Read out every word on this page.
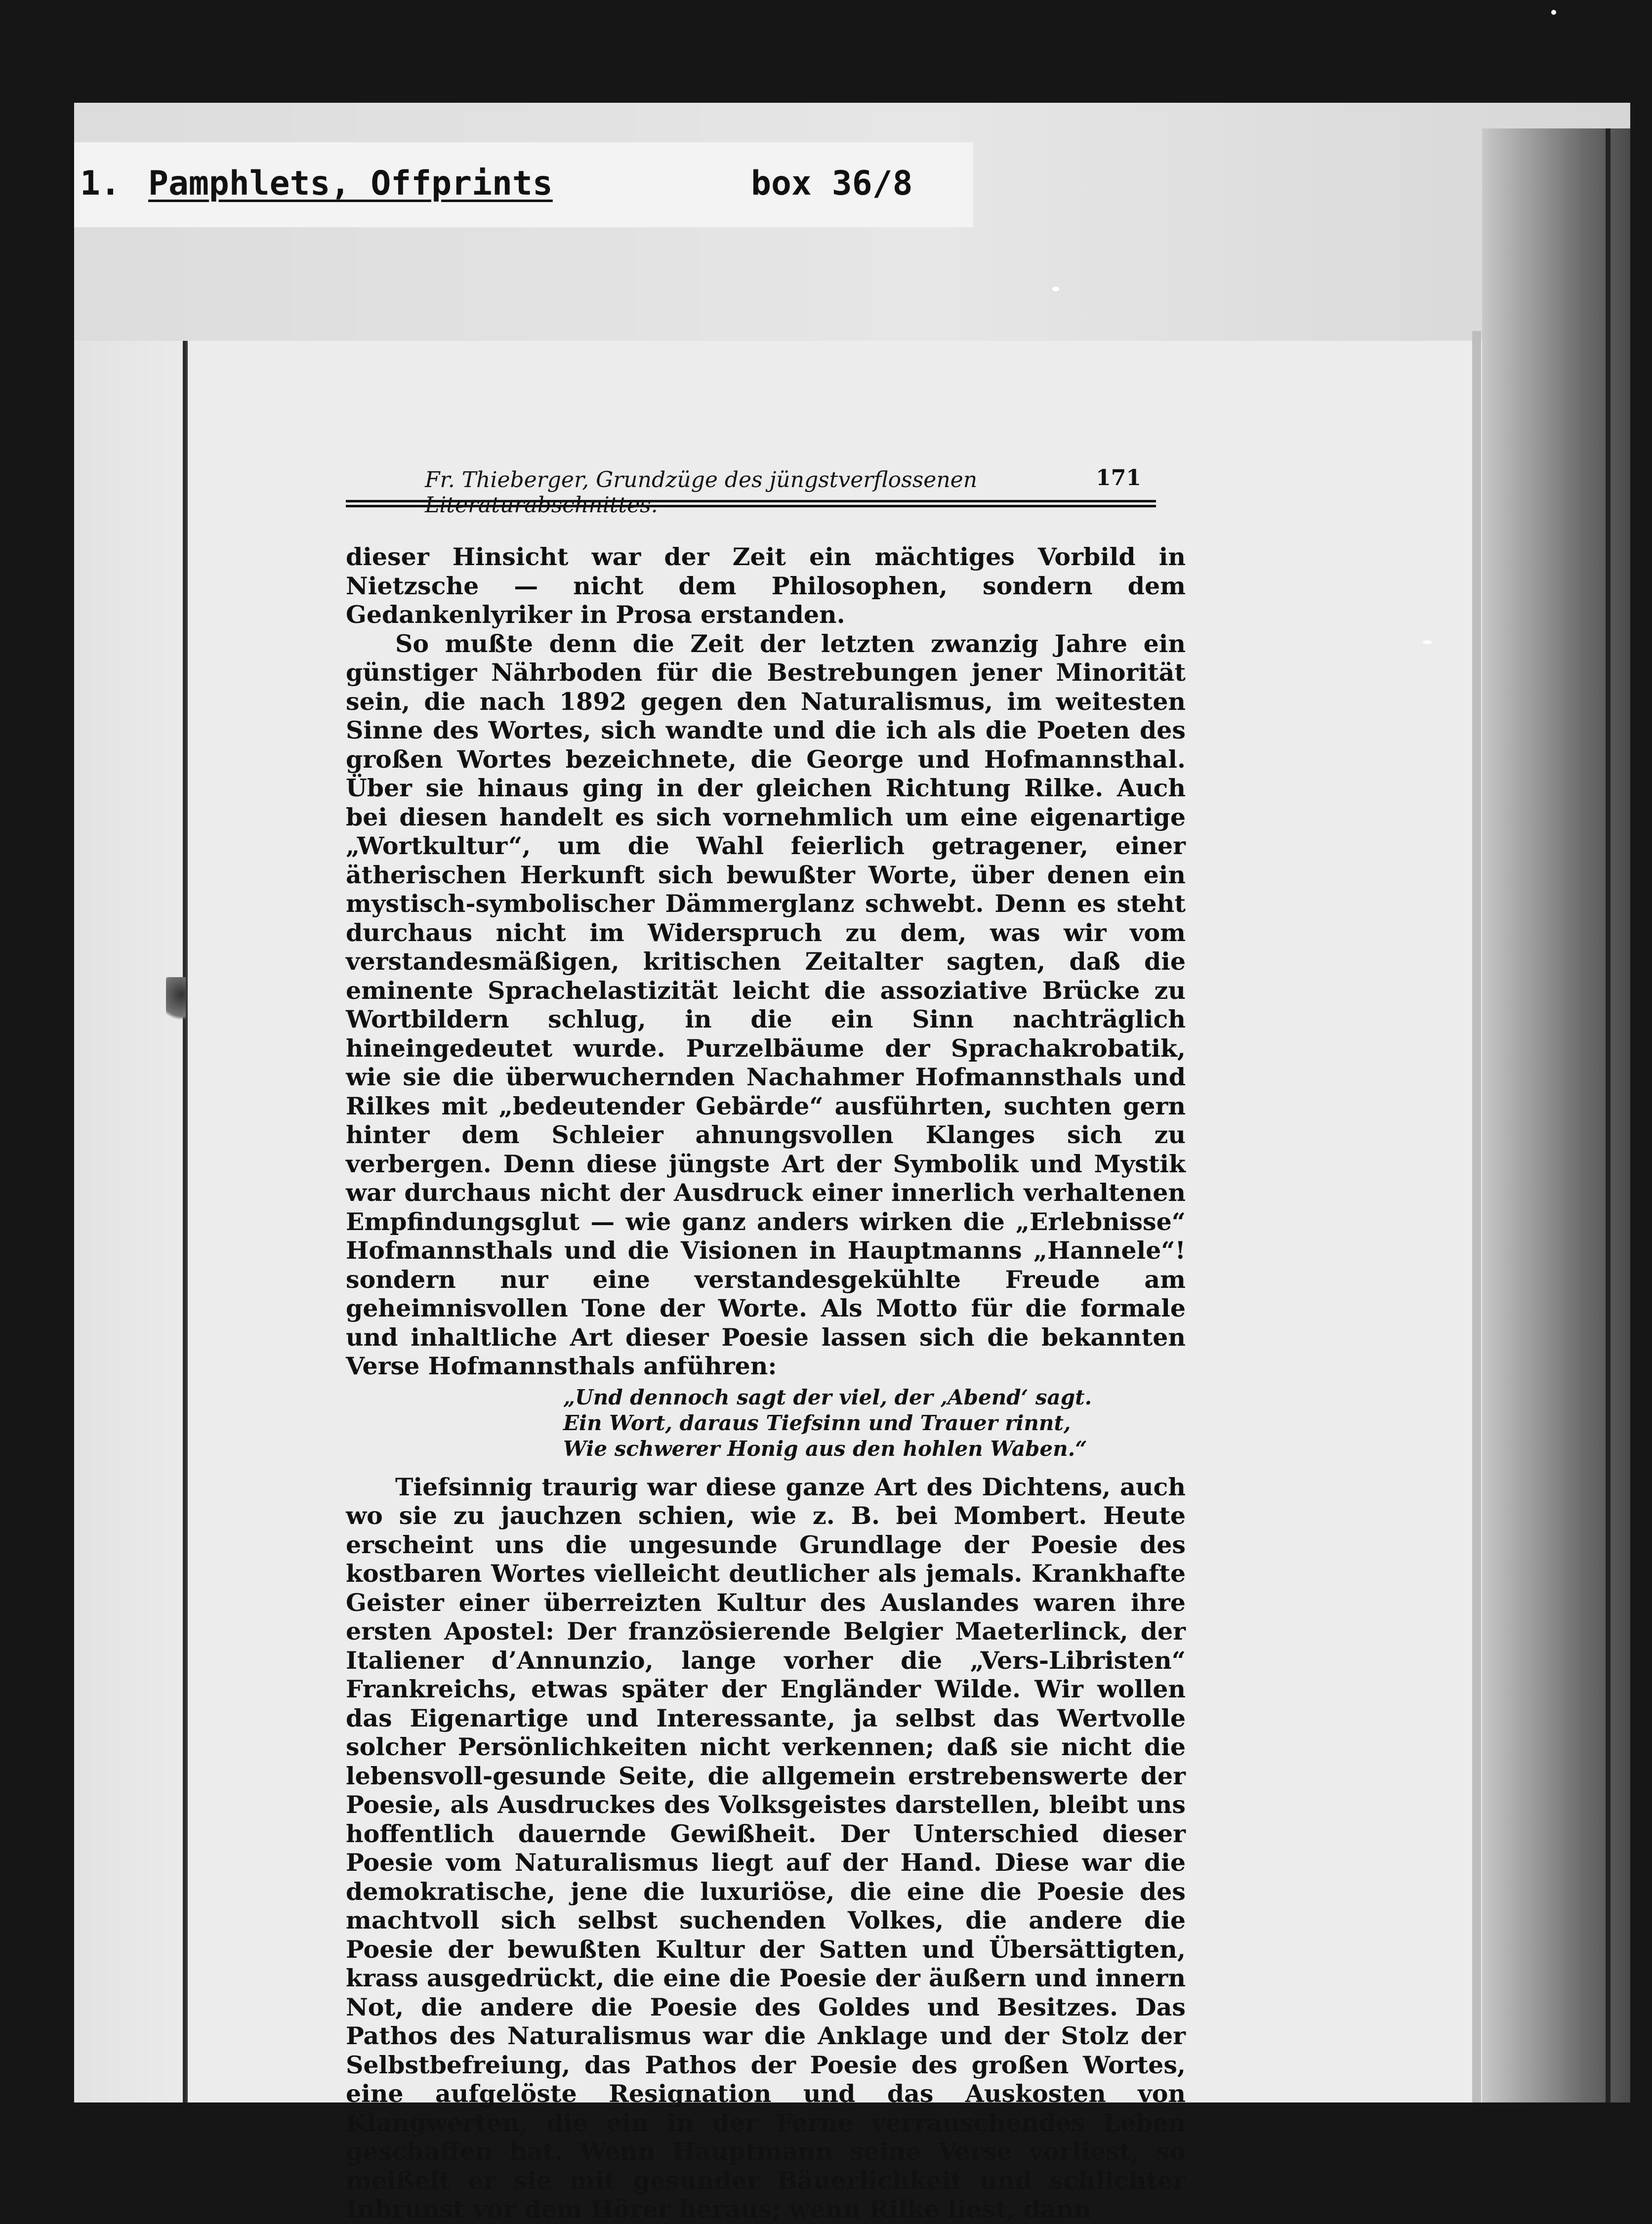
1. Pamphlets, Offprints	box 36/8
Fr. Thieberger, Grundzüge des jüngstverflossenen	171

dieser Hinsicht war der Zeit ein mächtiges Vorbild in Nietzsche — nicht dem Philosophen, sondern dem Gedankenlyriker in Prosa erstanden.

So mußte denn die Zeit der letzten zwanzig Jahre ein günstiger Nährboden für die Bestrebungen jener Minorität sein, die nach 1892 gegen den Naturalismus, im weitesten Sinne des Wortes, sich wandte und die ich als die Poeten des großen Wortes bezeichnete, die George und Hofmannsthal. Über sie hinaus ging in der gleichen Richtung Rilke. Auch bei diesen handelt es sich vornehmlich um eine eigenartige „Wortkultur“, um die Wahl feierlich getragener, einer ätherischen Herkunft sich bewußter Worte, über denen ein mystisch-symbolischer Dämmerglanz schwebt. Denn es steht durchaus nicht im Widerspruch zu dem, was wir vom verstandesmäßigen, kritischen Zeitalter sagten, daß die eminente Sprachelastizität leicht die assoziative Brücke zu Wortbildern schlug, in die ein Sinn nachträglich hineingedeutet wurde. Purzelbäume der Sprachakrobatik, wie sie die überwuchernden Nachahmer Hofmannsthals und Rilkes mit „bedeutender Gebärde“ ausführten, suchten gern hinter dem Schleier ahnungsvollen Klanges sich zu verbergen. Denn diese jüngste Art der Symbolik und Mystik war durchaus nicht der Ausdruck einer innerlich verhaltenen Empfindungsglut — wie ganz anders wirken die „Erlebnisse“ Hofmannsthals und die Visionen in Hauptmanns „Hannele“! sondern nur eine verstandesgekühlte Freude am geheimnisvollen Tone der Worte. Als Motto für die formale und inhaltliche Art dieser Poesie lassen sich die bekannten Verse Hofmannsthals anführen:

„Und dennoch sagt der viel, der ‚Abend‘ sagt.
Ein Wort, daraus Tiefsinn und Trauer rinnt,
Wie schwerer Honig aus den hohlen Waben.“

Tiefsinnig traurig war diese ganze Art des Dichtens, auch wo sie zu jauchzen schien, wie z. B. bei Mombert. Heute erscheint uns die ungesunde Grundlage der Poesie des kostbaren Wortes vielleicht deutlicher als jemals. Krankhafte Geister einer überreizten Kultur des Auslandes waren ihre ersten Apostel: Der französierende Belgier Maeterlinck, der Italiener d’Annunzio, lange vorher die „Vers-Libristen“ Frankreichs, etwas später der Engländer Wilde. Wir wollen das Eigenartige und Interessante, ja selbst das Wertvolle solcher Persönlichkeiten nicht verkennen; daß sie nicht die lebensvoll-gesunde Seite, die allgemein erstrebenswerte der Poesie, als Ausdruckes des Volksgeistes darstellen, bleibt uns hoffentlich dauernde Gewißheit. Der Unterschied dieser Poesie vom Naturalismus liegt auf der Hand. Diese war die demokratische, jene die luxuriöse, die eine die Poesie des machtvoll sich selbst suchenden Volkes, die andere die Poesie der bewußten Kultur der Satten und Übersättigten, krass ausgedrückt, die eine die Poesie der äußern und innern Not, die andere die Poesie des Goldes und Besitzes. Das Pathos des Naturalismus war die Anklage und der Stolz der Selbstbefreiung, das Pathos der Poesie des großen Wortes, eine aufgelöste Resignation und das Auskosten von Klangwerten, die ein in der Ferne verrauschendes Leben geschaffen hat. Wenn Hauptmann seine Verse vorliest, so meißelt er sie mit gesunder Bäuerlichkeit und schlichter Inbrunst vor dem Hörer heraus; wenn Rilke liest, dann
